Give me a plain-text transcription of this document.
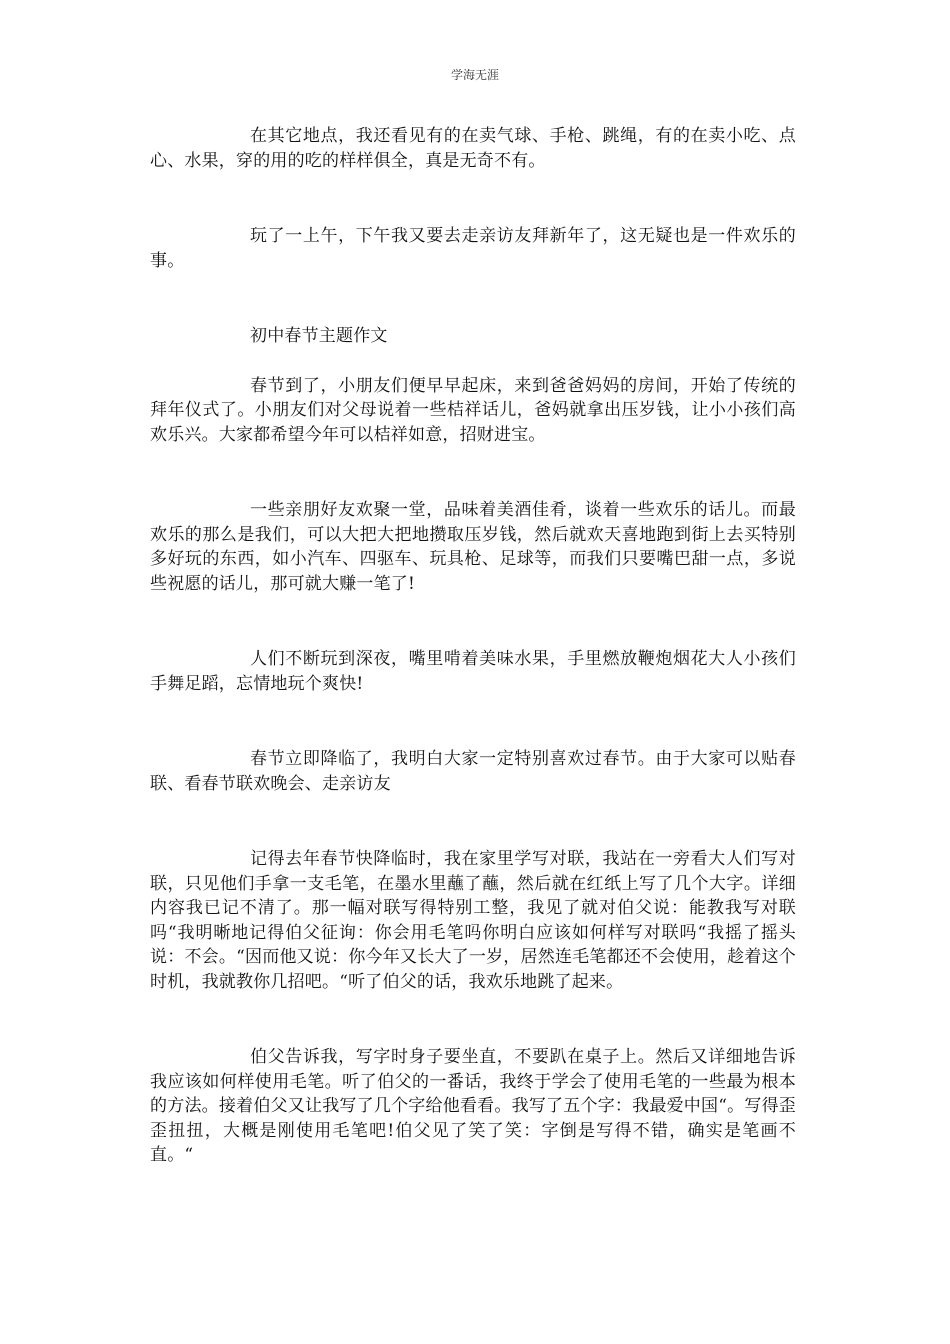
学海无涯

在其它地点，我还看见有的在卖气球、手枪、跳绳，有的在卖小吃、点心、水果，穿的用的吃的样样俱全，真是无奇不有。

玩了一上午，下午我又要去走亲访友拜新年了，这无疑也是一件欢乐的事。

初中春节主题作文

春节到了，小朋友们便早早起床，来到爸爸妈妈的房间，开始了传统的拜年仪式了。小朋友们对父母说着一些桔祥话儿，爸妈就拿出压岁钱，让小小孩们高欢乐兴。大家都希望今年可以桔祥如意，招财进宝。

一些亲朋好友欢聚一堂，品味着美酒佳肴，谈着一些欢乐的话儿。而最欢乐的那么是我们，可以大把大把地攒取压岁钱，然后就欢天喜地跑到街上去买特别多好玩的东西，如小汽车、四驱车、玩具枪、足球等，而我们只要嘴巴甜一点，多说些祝愿的话儿，那可就大赚一笔了!

人们不断玩到深夜，嘴里啃着美味水果，手里燃放鞭炮烟花大人小孩们手舞足蹈，忘情地玩个爽快!

春节立即降临了，我明白大家一定特别喜欢过春节。由于大家可以贴春联、看春节联欢晚会、走亲访友

记得去年春节快降临时，我在家里学写对联，我站在一旁看大人们写对联，只见他们手拿一支毛笔，在墨水里蘸了蘸，然后就在红纸上写了几个大字。详细内容我已记不清了。那一幅对联写得特别工整，我见了就对伯父说：能教我写对联吗“我明晰地记得伯父征询：你会用毛笔吗你明白应该如何样写对联吗“我摇了摇头说：不会。“因而他又说：你今年又长大了一岁，居然连毛笔都还不会使用，趁着这个时机，我就教你几招吧。“听了伯父的话，我欢乐地跳了起来。

伯父告诉我，写字时身子要坐直，不要趴在桌子上。然后又详细地告诉我应该如何样使用毛笔。听了伯父的一番话，我终于学会了使用毛笔的一些最为根本的方法。接着伯父又让我写了几个字给他看看。我写了五个字：我最爱中国“。写得歪歪扭扭，大概是刚使用毛笔吧!伯父见了笑了笑：字倒是写得不错，确实是笔画不直。“
